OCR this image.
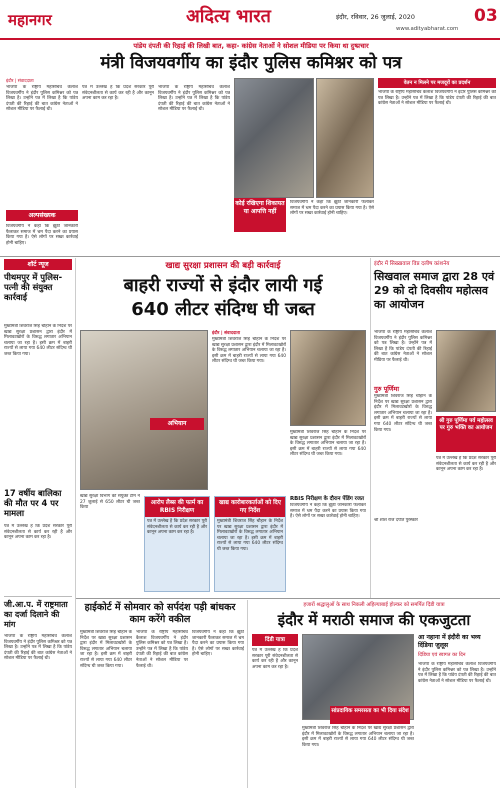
महानगर	अदित्य भारत	इंदौर, रविवार, 26 जुलाई, 2020	03
www.adityabharat.com
पांडेय दंपती की रिहाई की लिखी बात, कहा- कांग्रेस नेताओं ने सोशल मीडिया पर किया था दुष्प्रचार
मंत्री विजयवर्गीय का इंदौर पुलिस कमिश्नर को पत्र
इंदौर | संवाददाता
भाजपा के राष्ट्रीय महासचिव कैलाश विजयवर्गीय ने इंदौर पुलिस कमिश्नर को पत्र लिखा है। उन्होंने पत्र में लिखा है कि पांडेय दंपती की रिहाई की बात कांग्रेस नेताओं ने सोशल मीडिया पर फैलाई थी।
अल्पसंख्यक
विजयवर्गीय ने कहा कि झूठी जानकारी फैलाकर समाज में भ्रम पैदा करने का प्रयास किया गया है। ऐसे लोगों पर सख्त कार्रवाई होनी चाहिए।
पत्र में उल्लेख है कि प्रदेश सरकार पूरी संवेदनशीलता से कार्य कर रही है और कानून अपना काम कर रहा है।
भाजपा के राष्ट्रीय महासचिव कैलाश विजयवर्गीय ने इंदौर पुलिस कमिश्नर को पत्र लिखा है। उन्होंने पत्र में लिखा है कि पांडेय दंपती की रिहाई की बात कांग्रेस नेताओं ने सोशल मीडिया पर फैलाई थी।
कोई रखिएगा शिकायत या आपत्ति नहीं
विजयवर्गीय ने कहा कि झूठी जानकारी फैलाकर समाज में भ्रम पैदा करने का प्रयास किया गया है। ऐसे लोगों पर सख्त कार्रवाई होनी चाहिए।
वेतन न मिलने पर मजदूरों का प्रदर्शन
भाजपा के राष्ट्रीय महासचिव कैलाश विजयवर्गीय ने इंदौर पुलिस कमिश्नर को पत्र लिखा है। उन्होंने पत्र में लिखा है कि पांडेय दंपती की रिहाई की बात कांग्रेस नेताओं ने सोशल मीडिया पर फैलाई थी।
शॉर्ट न्यूज
पीथमपुर में पुलिस-पत्नी की संयुक्त कार्रवाई
मुख्यमंत्री शिवराज सिंह चौहान के निर्देश पर खाद्य सुरक्षा प्रशासन द्वारा इंदौर में मिलावटखोरों के विरुद्ध लगातार अभियान चलाया जा रहा है। इसी क्रम में बाहरी राज्यों से लाया गया 640 लीटर संदिग्ध घी जब्त किया गया।
17 वर्षीय बालिका की मौत पर 4 पर मामला
पत्र में उल्लेख है कि प्रदेश सरकार पूरी संवेदनशीलता से कार्य कर रही है और कानून अपना काम कर रहा है।
जी.आ.प. में राष्ट्रमाता का दर्जा दिलाने की मांग
भाजपा के राष्ट्रीय महासचिव कैलाश विजयवर्गीय ने इंदौर पुलिस कमिश्नर को पत्र लिखा है। उन्होंने पत्र में लिखा है कि पांडेय दंपती की रिहाई की बात कांग्रेस नेताओं ने सोशल मीडिया पर फैलाई थी।
खाद्य सुरक्षा प्रशासन की बड़ी कार्रवाई
बाहरी राज्यों से इंदौर लायी गई
640 लीटर संदिग्ध घी जब्त
अभियान
इंदौर | संवाददाता
मुख्यमंत्री शिवराज सिंह चौहान के निर्देश पर खाद्य सुरक्षा प्रशासन द्वारा इंदौर में मिलावटखोरों के विरुद्ध लगातार अभियान चलाया जा रहा है। इसी क्रम में बाहरी राज्यों से लाया गया 640 लीटर संदिग्ध घी जब्त किया गया।
मुख्यमंत्री शिवराज सिंह चौहान के निर्देश पर खाद्य सुरक्षा प्रशासन द्वारा इंदौर में मिलावटखोरों के विरुद्ध लगातार अभियान चलाया जा रहा है। इसी क्रम में बाहरी राज्यों से लाया गया 640 लीटर संदिग्ध घी जब्त किया गया।
खाद्य सुरक्षा विभाग की संयुक्त टीम ने 27 जुलाई से 650 लीटर घी जब्त किया
आरोप लैब्स की फार्म का RBIS निरीक्षण
पत्र में उल्लेख है कि प्रदेश सरकार पूरी संवेदनशीलता से कार्य कर रही है और कानून अपना काम कर रहा है।
खाद्य कारोबारकर्ताओं को दिए गए निर्देश
मुख्यमंत्री शिवराज सिंह चौहान के निर्देश पर खाद्य सुरक्षा प्रशासन द्वारा इंदौर में मिलावटखोरों के विरुद्ध लगातार अभियान चलाया जा रहा है। इसी क्रम में बाहरी राज्यों से लाया गया 640 लीटर संदिग्ध घी जब्त किया गया।
RBIS निरीक्षण के दौरान पेंडिंग रजत
विजयवर्गीय ने कहा कि झूठी जानकारी फैलाकर समाज में भ्रम पैदा करने का प्रयास किया गया है। ऐसे लोगों पर सख्त कार्रवाई होनी चाहिए।
इंदौर में सिख्खवाल विप्र दलीष कांशनेय
सिखवाल समाज द्वारा 28 एवं 29 को दो दिवसीय महोत्सव का आयोजन
भाजपा के राष्ट्रीय महासचिव कैलाश विजयवर्गीय ने इंदौर पुलिस कमिश्नर को पत्र लिखा है। उन्होंने पत्र में लिखा है कि पांडेय दंपती की रिहाई की बात कांग्रेस नेताओं ने सोशल मीडिया पर फैलाई थी।
गुरु पूर्णिमा
मुख्यमंत्री शिवराज सिंह चौहान के निर्देश पर खाद्य सुरक्षा प्रशासन द्वारा इंदौर में मिलावटखोरों के विरुद्ध लगातार अभियान चलाया जा रहा है। इसी क्रम में बाहरी राज्यों से लाया गया 640 लीटर संदिग्ध घी जब्त किया गया।
श्री गुरु पूर्णिमा पर्व महोत्सव पर गुरु भक्ति का आयोजन
पत्र में उल्लेख है कि प्रदेश सरकार पूरी संवेदनशीलता से कार्य कर रही है और कानून अपना काम कर रहा है।
श्री शशि राजे दंपति पुरस्कार
हाईकोर्ट में सोमवार को सर्पदंश पड़ी बांधकर काम करेंगे वकील
मुख्यमंत्री शिवराज सिंह चौहान के निर्देश पर खाद्य सुरक्षा प्रशासन द्वारा इंदौर में मिलावटखोरों के विरुद्ध लगातार अभियान चलाया जा रहा है। इसी क्रम में बाहरी राज्यों से लाया गया 640 लीटर संदिग्ध घी जब्त किया गया।
भाजपा के राष्ट्रीय महासचिव कैलाश विजयवर्गीय ने इंदौर पुलिस कमिश्नर को पत्र लिखा है। उन्होंने पत्र में लिखा है कि पांडेय दंपती की रिहाई की बात कांग्रेस नेताओं ने सोशल मीडिया पर फैलाई थी।
विजयवर्गीय ने कहा कि झूठी जानकारी फैलाकर समाज में भ्रम पैदा करने का प्रयास किया गया है। ऐसे लोगों पर सख्त कार्रवाई होनी चाहिए।
हजारों श्रद्धालुओं के साथ निकली अहिल्याबाई होल्कर को समर्पित दिंडी यात्रा
इंदौर में मराठी समाज की एकजुटता
दिंडी यात्रा
पत्र में उल्लेख है कि प्रदेश सरकार पूरी संवेदनशीलता से कार्य कर रही है और कानून अपना काम कर रहा है।
सांप्रदायिक समरसता का भी दिया संदेश
मुख्यमंत्री शिवराज सिंह चौहान के निर्देश पर खाद्य सुरक्षा प्रशासन द्वारा इंदौर में मिलावटखोरों के विरुद्ध लगातार अभियान चलाया जा रहा है। इसी क्रम में बाहरी राज्यों से लाया गया 640 लीटर संदिग्ध घी जब्त किया गया।
आ नहाना में इंदौरी का भव्य दिंडिया जुलूस
दिंडिया एवं स्वागत का दिन
भाजपा के राष्ट्रीय महासचिव कैलाश विजयवर्गीय ने इंदौर पुलिस कमिश्नर को पत्र लिखा है। उन्होंने पत्र में लिखा है कि पांडेय दंपती की रिहाई की बात कांग्रेस नेताओं ने सोशल मीडिया पर फैलाई थी।
